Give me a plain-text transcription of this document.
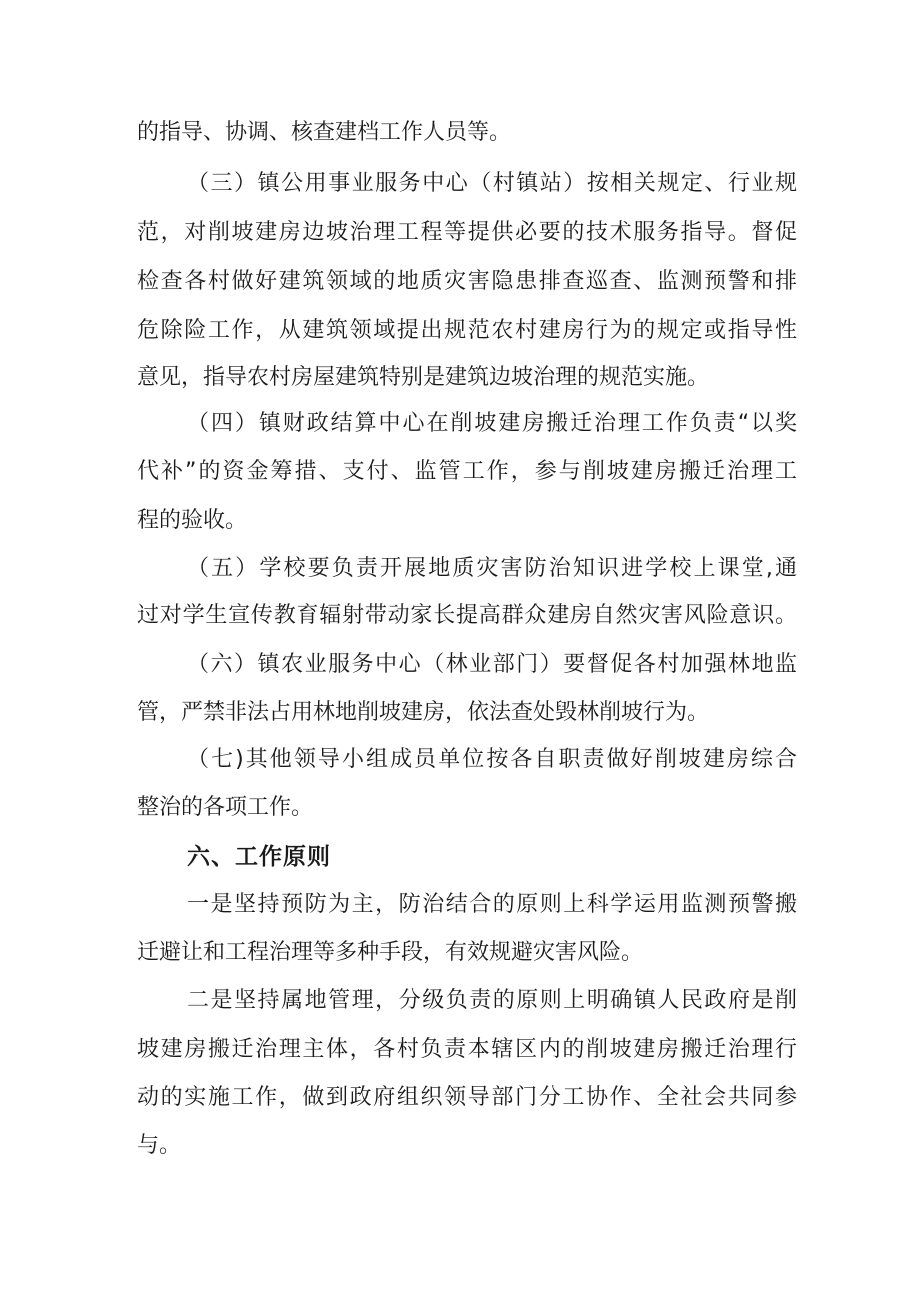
的指导、协调、核查建档工作人员等。
（三）镇公用事业服务中心（村镇站）按相关规定、行业规
范，对削坡建房边坡治理工程等提供必要的技术服务指导。督促
检查各村做好建筑领域的地质灾害隐患排查巡查、监测预警和排
危除险工作，从建筑领域提出规范农村建房行为的规定或指导性
意见，指导农村房屋建筑特别是建筑边坡治理的规范实施。
（四）镇财政结算中心在削坡建房搬迁治理工作负责“以奖
代补”的资金筹措、支付、监管工作，参与削坡建房搬迁治理工
程的验收。
（五）学校要负责开展地质灾害防治知识进学校上课堂,通
过对学生宣传教育辐射带动家长提高群众建房自然灾害风险意识。
（六）镇农业服务中心（林业部门）要督促各村加强林地监
管，严禁非法占用林地削坡建房，依法查处毁林削坡行为。
（七)其他领导小组成员单位按各自职责做好削坡建房综合
整治的各项工作。
六、工作原则
一是坚持预防为主，防治结合的原则上科学运用监测预警搬
迁避让和工程治理等多种手段，有效规避灾害风险。
二是坚持属地管理，分级负责的原则上明确镇人民政府是削
坡建房搬迁治理主体，各村负责本辖区内的削坡建房搬迁治理行
动的实施工作，做到政府组织领导部门分工协作、全社会共同参
与。
